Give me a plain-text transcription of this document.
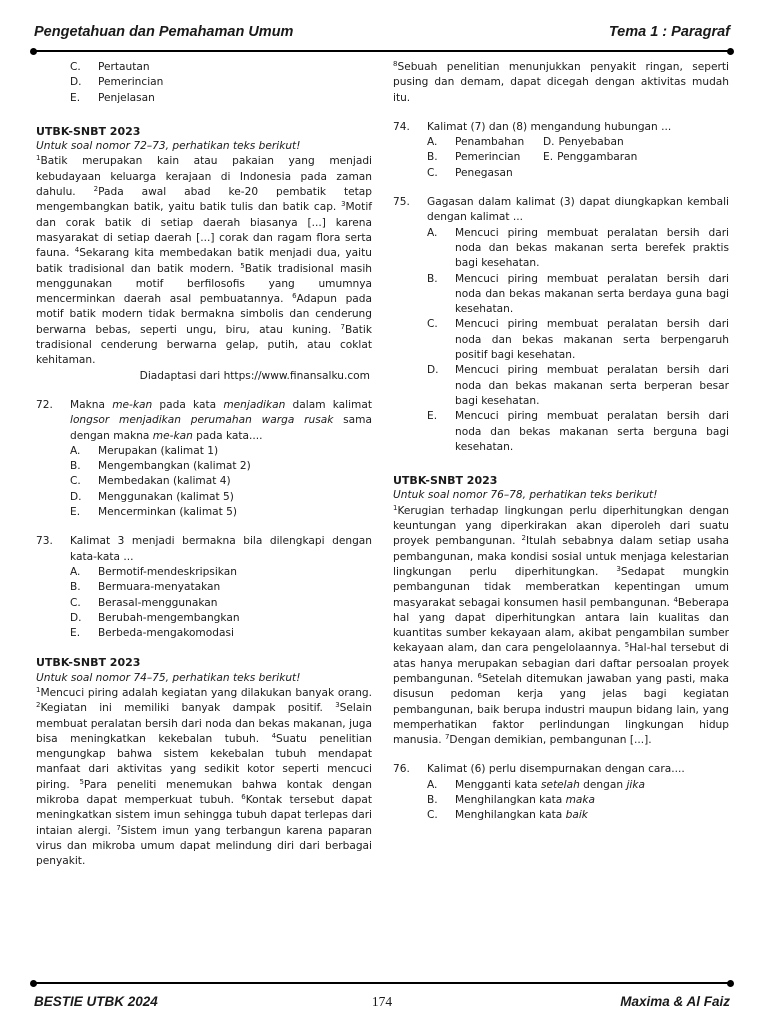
Pengetahuan dan Pemahaman Umum	Tema 1 : Paragraf

C. Pertautan

D. Pemerincian

E. Penjelasan

UTBK-SNBT 2023

Untuk soal nomor 72–73, perhatikan teks berikut!

$^1$Batik merupakan kain atau pakaian yang menjadi kebudayaan keluarga kerajaan di Indonesia pada zaman dahulu. $^2$Pada awal abad ke-20 pembatik tetap mengembangkan batik, yaitu batik tulis dan batik cap. $^3$Motif dan corak batik di setiap daerah biasanya [...] karena masyarakat di setiap daerah [...] corak dan ragam flora serta fauna. $^4$Sekarang kita membedakan batik menjadi dua, yaitu batik tradisional dan batik modern. $^5$Batik tradisional masih menggunakan motif berfilosofis yang umumnya mencerminkan daerah asal pembuatannya. $^6$Adapun pada motif batik modern tidak bermakna simbolis dan cenderung berwarna bebas, seperti ungu, biru, atau kuning. $^7$Batik tradisional cenderung berwarna gelap, putih, atau coklat kehitaman.

Diadaptasi dari https://www.finansalku.com

72. Makna me-kan pada kata menjadikan dalam kalimat longsor menjadikan perumahan warga rusak sama dengan makna me-kan pada kata....

A. Merupakan (kalimat 1)

B. Mengembangkan (kalimat 2)

C. Membedakan (kalimat 4)

D. Menggunakan (kalimat 5)

E. Mencerminkan (kalimat 5)

73. Kalimat 3 menjadi bermakna bila dilengkapi dengan kata-kata ...

A. Bermotif-mendeskripsikan

B. Bermuara-menyatakan

C. Berasal-menggunakan

D. Berubah-mengembangkan

E. Berbeda-mengakomodasi

UTBK-SNBT 2023

Untuk soal nomor 74–75, perhatikan teks berikut!

$^1$Mencuci piring adalah kegiatan yang dilakukan banyak orang. $^2$Kegiatan ini memiliki banyak dampak positif. $^3$Selain membuat peralatan bersih dari noda dan bekas makanan, juga bisa meningkatkan kekebalan tubuh. $^4$Suatu penelitian mengungkap bahwa sistem kekebalan tubuh mendapat manfaat dari aktivitas yang sedikit kotor seperti mencuci piring. $^5$Para peneliti menemukan bahwa kontak dengan mikroba dapat memperkuat tubuh. $^6$Kontak tersebut dapat meningkatkan sistem imun sehingga tubuh dapat terlepas dari intaian alergi. $^7$Sistem imun yang terbangun karena paparan virus dan mikroba umum dapat melindung diri dari berbagai penyakit.

$^8$Sebuah penelitian menunjukkan penyakit ringan, seperti pusing dan demam, dapat dicegah dengan aktivitas mudah itu.

74. Kalimat (7) dan (8) mengandung hubungan ...

A. Penambahan	D. Penyebaban
B. Pemerincian	E. Penggambaran

C. Penegasan

75. Gagasan dalam kalimat (3) dapat diungkapkan kembali dengan kalimat ...

A. Mencuci piring membuat peralatan bersih dari noda dan bekas makanan serta berefek praktis bagi kesehatan.

B. Mencuci piring membuat peralatan bersih dari noda dan bekas makanan serta berdaya guna bagi kesehatan.

C. Mencuci piring membuat peralatan bersih dari noda dan bekas makanan serta berpengaruh positif bagi kesehatan.

D. Mencuci piring membuat peralatan bersih dari noda dan bekas makanan serta berperan besar bagi kesehatan.

E. Mencuci piring membuat peralatan bersih dari noda dan bekas makanan serta berguna bagi kesehatan.

UTBK-SNBT 2023

Untuk soal nomor 76–78, perhatikan teks berikut!

$^1$Kerugian terhadap lingkungan perlu diperhitungkan dengan keuntungan yang diperkirakan akan diperoleh dari suatu proyek pembangunan. $^2$Itulah sebabnya dalam setiap usaha pembangunan, maka kondisi sosial untuk menjaga kelestarian lingkungan perlu diperhitungkan. $^3$Sedapat mungkin pembangunan tidak memberatkan kepentingan umum masyarakat sebagai konsumen hasil pembangunan. $^4$Beberapa hal yang dapat diperhitungkan antara lain kualitas dan kuantitas sumber kekayaan alam, akibat pengambilan sumber kekayaan alam, dan cara pengelolaannya. $^5$Hal-hal tersebut di atas hanya merupakan sebagian dari daftar persoalan proyek pembangunan. $^6$Setelah ditemukan jawaban yang pasti, maka disusun pedoman kerja yang jelas bagi kegiatan pembangunan, baik berupa industri maupun bidang lain, yang memperhatikan faktor perlindungan lingkungan hidup manusia. $^7$Dengan demikian, pembangunan [...].

76. Kalimat (6) perlu disempurnakan dengan cara....

A. Mengganti kata setelah dengan jika

B. Menghilangkan kata maka

C. Menghilangkan kata baik

BESTIE UTBK 2024	174	Maxima & Al Faiz
